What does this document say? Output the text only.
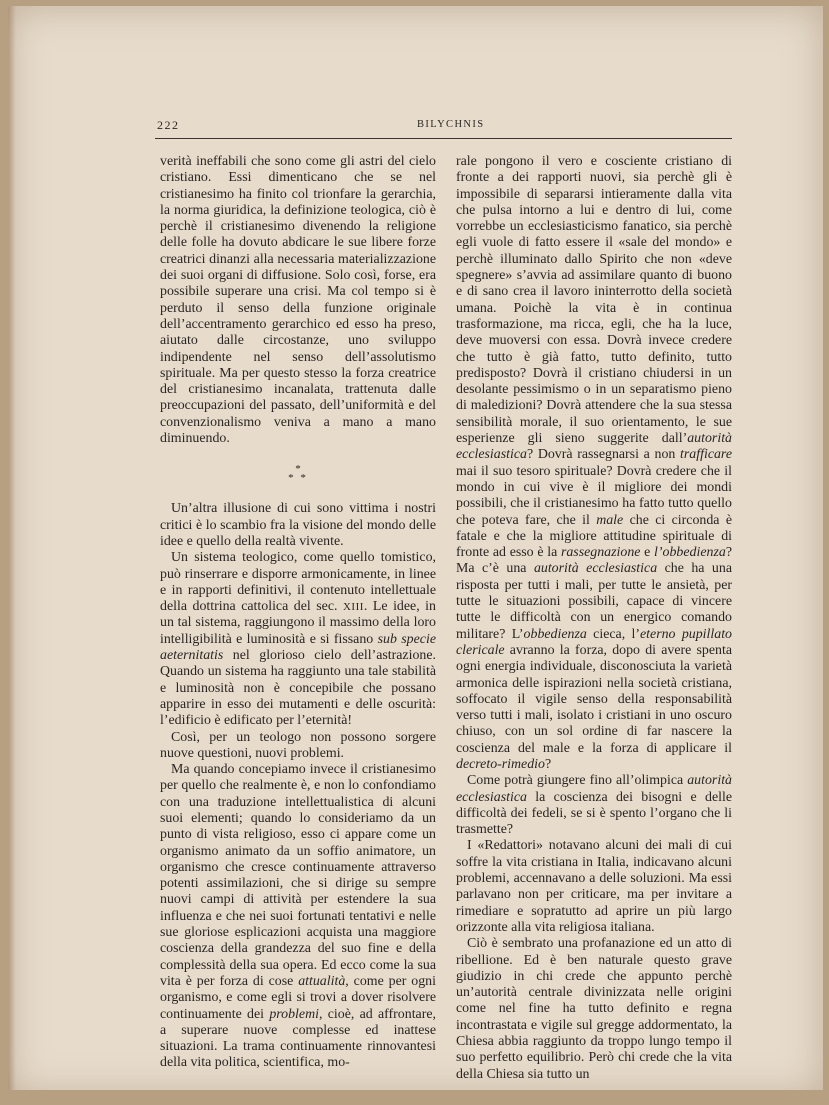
222	BILYCHNIS

verità ineffabili che sono come gli astri del cielo cristiano. Essi dimenticano che se nel cristianesimo ha finito col trionfare la gerarchia, la norma giuridica, la definizione teologica, ciò è perchè il cristianesimo divenendo la religione delle folle ha dovuto abdicare le sue libere forze creatrici dinanzi alla necessaria materializzazione dei suoi organi di diffusione. Solo così, forse, era possibile superare una crisi. Ma col tempo si è perduto il senso della funzione originale dell’accentramento gerarchico ed esso ha preso, aiutato dalle circostanze, uno sviluppo indipendente nel senso dell’assolutismo spirituale. Ma per questo stesso la forza creatrice del cristianesimo incanalata, trattenuta dalle preoccupazioni del passato, dell’uniformità e del convenzionalismo veniva a mano a mano diminuendo.

*
* *

Un’altra illusione di cui sono vittima i nostri critici è lo scambio fra la visione del mondo delle idee e quello della realtà vivente.

Un sistema teologico, come quello tomistico, può rinserrare e disporre armonicamente, in linee e in rapporti definitivi, il contenuto intellettuale della dottrina cattolica del sec. XIII. Le idee, in un tal sistema, raggiungono il massimo della loro intelligibilità e luminosità e si fissano sub specie aeternitatis nel glorioso cielo dell’astrazione. Quando un sistema ha raggiunto una tale stabilità e luminosità non è concepibile che possano apparire in esso dei mutamenti e delle oscurità: l’edificio è edificato per l’eternità!

Così, per un teologo non possono sorgere nuove questioni, nuovi problemi.

Ma quando concepiamo invece il cristianesimo per quello che realmente è, e non lo confondiamo con una traduzione intellettualistica di alcuni suoi elementi; quando lo consideriamo da un punto di vista religioso, esso ci appare come un organismo animato da un soffio animatore, un organismo che cresce continuamente attraverso potenti assimilazioni, che si dirige su sempre nuovi campi di attività per estendere la sua influenza e che nei suoi fortunati tentativi e nelle sue gloriose esplicazioni acquista una maggiore coscienza della grandezza del suo fine e della complessità della sua opera. Ed ecco come la sua vita è per forza di cose attualità, come per ogni organismo, e come egli si trovi a dover risolvere continuamente dei problemi, cioè, ad affrontare, a superare nuove complesse ed inattese situazioni. La trama continuamente rinnovantesi della vita politica, scientifica, mo-

rale pongono il vero e cosciente cristiano di fronte a dei rapporti nuovi, sia perchè gli è impossibile di separarsi intieramente dalla vita che pulsa intorno a lui e dentro di lui, come vorrebbe un ecclesiasticismo fanatico, sia perchè egli vuole di fatto essere il «sale del mondo» e perchè illuminato dallo Spirito che non «deve spegnere» s’avvia ad assimilare quanto di buono e di sano crea il lavoro ininterrotto della società umana. Poichè la vita è in continua trasformazione, ma ricca, egli, che ha la luce, deve muoversi con essa. Dovrà invece credere che tutto è già fatto, tutto definito, tutto predisposto? Dovrà il cristiano chiudersi in un desolante pessimismo o in un separatismo pieno di maledizioni? Dovrà attendere che la sua stessa sensibilità morale, il suo orientamento, le sue esperienze gli sieno suggerite dall’autorità ecclesiastica? Dovrà rassegnarsi a non trafficare mai il suo tesoro spirituale? Dovrà credere che il mondo in cui vive è il migliore dei mondi possibili, che il cristianesimo ha fatto tutto quello che poteva fare, che il male che ci circonda è fatale e che la migliore attitudine spirituale di fronte ad esso è la rassegnazione e l’obbedienza? Ma c’è una autorità ecclesiastica che ha una risposta per tutti i mali, per tutte le ansietà, per tutte le situazioni possibili, capace di vincere tutte le difficoltà con un energico comando militare? L’obbedienza cieca, l’eterno pupillato clericale avranno la forza, dopo di avere spenta ogni energia individuale, disconosciuta la varietà armonica delle ispirazioni nella società cristiana, soffocato il vigile senso della responsabilità verso tutti i mali, isolato i cristiani in uno oscuro chiuso, con un sol ordine di far nascere la coscienza del male e la forza di applicare il decreto-rimedio?

Come potrà giungere fino all’olimpica autorità ecclesiastica la coscienza dei bisogni e delle difficoltà dei fedeli, se si è spento l’organo che li trasmette?

I «Redattori» notavano alcuni dei mali di cui soffre la vita cristiana in Italia, indicavano alcuni problemi, accennavano a delle soluzioni. Ma essi parlavano non per criticare, ma per invitare a rimediare e sopratutto ad aprire un più largo orizzonte alla vita religiosa italiana.

Ciò è sembrato una profanazione ed un atto di ribellione. Ed è ben naturale questo grave giudizio in chi crede che appunto perchè un’autorità centrale divinizzata nelle origini come nel fine ha tutto definito e regna incontrastata e vigile sul gregge addormentato, la Chiesa abbia raggiunto da troppo lungo tempo il suo perfetto equilibrio. Però chi crede che la vita della Chiesa sia tutto un
